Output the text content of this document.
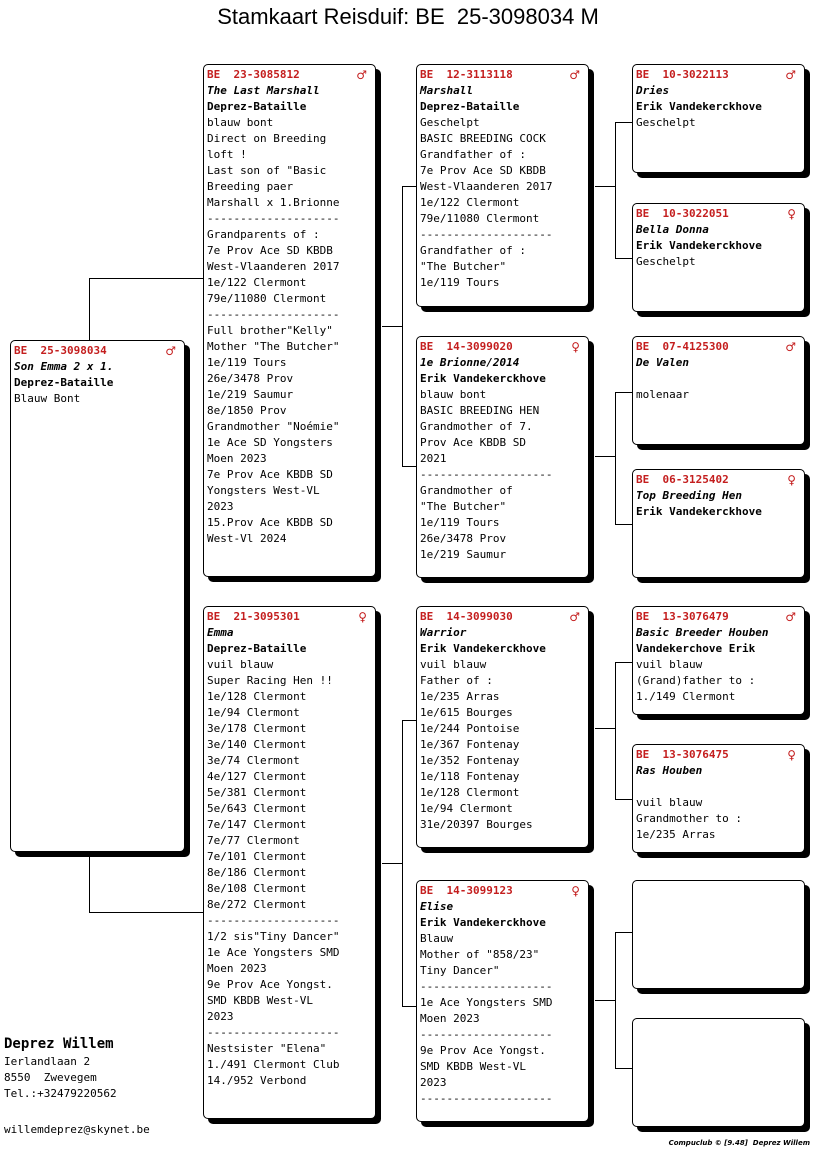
Stamkaart Reisduif: BE  25-3098034 M
BE  25-3098034	♂
Son Emma 2 x 1.
Deprez-Bataille
Blauw Bont
BE  23-3085812	♂
The Last Marshall
Deprez-Bataille
blauw bont
Direct on Breeding
loft !
Last son of "Basic
Breeding paer
Marshall x 1.Brionne
--------------------
Grandparents of :
7e Prov Ace SD KBDB
West-Vlaanderen 2017
1e/122 Clermont
79e/11080 Clermont
--------------------
Full brother"Kelly"
Mother "The Butcher"
1e/119 Tours
26e/3478 Prov
1e/219 Saumur
8e/1850 Prov
Grandmother "Noémie"
1e Ace SD Yongsters
Moen 2023
7e Prov Ace KBDB SD
Yongsters West-VL
2023
15.Prov Ace KBDB SD
West-Vl 2024
BE  21-3095301	♀
Emma
Deprez-Bataille
vuil blauw
Super Racing Hen !!
1e/128 Clermont
1e/94 Clermont
3e/178 Clermont
3e/140 Clermont
3e/74 Clermont
4e/127 Clermont
5e/381 Clermont
5e/643 Clermont
7e/147 Clermont
7e/77 Clermont
7e/101 Clermont
8e/186 Clermont
8e/108 Clermont
8e/272 Clermont
--------------------
1/2 sis"Tiny Dancer"
1e Ace Yongsters SMD
Moen 2023
9e Prov Ace Yongst.
SMD KBDB West-VL
2023
--------------------
Nestsister "Elena"
1./491 Clermont Club
14./952 Verbond
BE  12-3113118	♂
Marshall
Deprez-Bataille
Geschelpt
BASIC BREEDING COCK
Grandfather of :
7e Prov Ace SD KBDB
West-Vlaanderen 2017
1e/122 Clermont
79e/11080 Clermont
--------------------
Grandfather of :
"The Butcher"
1e/119 Tours
BE  14-3099020	♀
1e Brionne/2014
Erik Vandekerckhove
blauw bont
BASIC BREEDING HEN
Grandmother of 7.
Prov Ace KBDB SD
2021
--------------------
Grandmother of
"The Butcher"
1e/119 Tours
26e/3478 Prov
1e/219 Saumur
BE  14-3099030	♂
Warrior
Erik Vandekerckhove
vuil blauw
Father of :
1e/235 Arras
1e/615 Bourges
1e/244 Pontoise
1e/367 Fontenay
1e/352 Fontenay
1e/118 Fontenay
1e/128 Clermont
1e/94 Clermont
31e/20397 Bourges
BE  14-3099123	♀
Elise
Erik Vandekerckhove
Blauw
Mother of "858/23"
Tiny Dancer"
--------------------
1e Ace Yongsters SMD
Moen 2023
--------------------
9e Prov Ace Yongst.
SMD KBDB West-VL
2023
--------------------
BE  10-3022113	♂
Dries
Erik Vandekerckhove
Geschelpt
BE  10-3022051	♀
Bella Donna
Erik Vandekerckhove
Geschelpt
BE  07-4125300	♂
De Valen
molenaar
BE  06-3125402	♀
Top Breeding Hen
Erik Vandekerckhove
BE  13-3076479	♂
Basic Breeder Houben
Vandekerchove Erik
vuil blauw
(Grand)father to :
1./149 Clermont
BE  13-3076475	♀
Ras Houben
vuil blauw
Grandmother to :
1e/235 Arras
Deprez Willem
Ierlandlaan 2
8550  Zwevegem
Tel.:+32479220562
willemdeprez@skynet.be
Compuclub © [9.48]  Deprez Willem
